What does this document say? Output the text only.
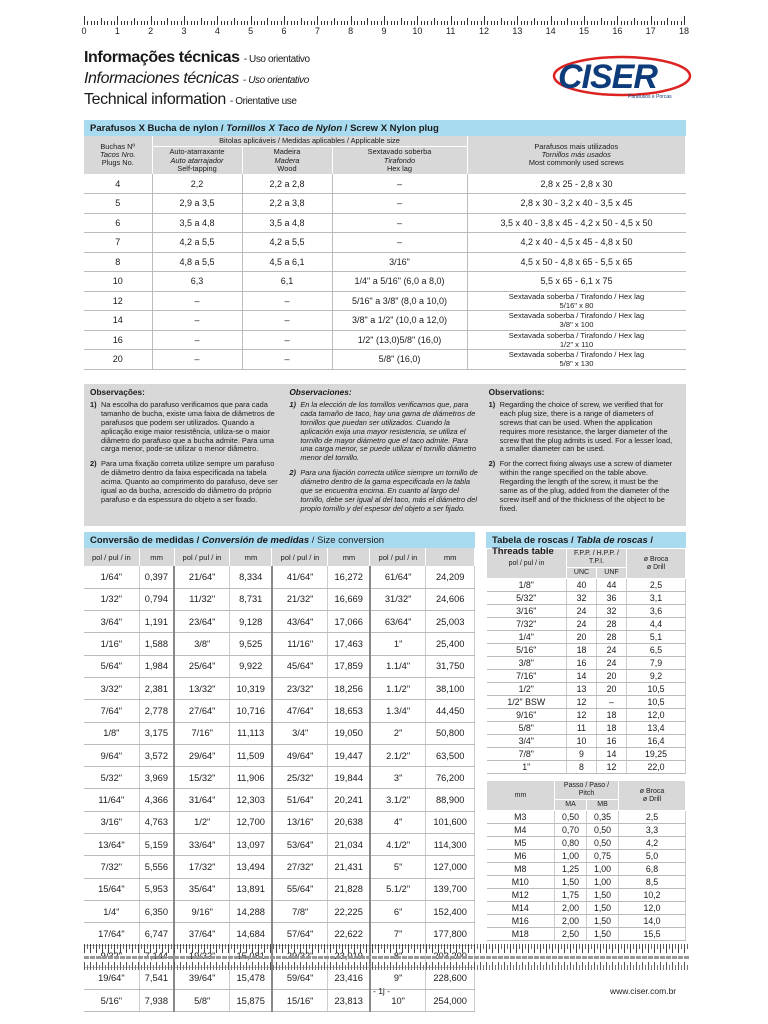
0	1	2	3	4	5	6	7	8	9	10	11	12	13	14	15	16	17	18
Informações técnicas - Uso orientativo
Informaciones técnicas - Uso orientativo
Technical information - Orientative use
CISER
Parafusos e Porcas
Parafusos X Bucha de nylon / Tornillos X Taco de Nylon / Screw X Nylon plug
Buchas Nº
Tacos Nro.
Plugs No.	Bitolas aplicáveis / Medidas aplicables / Applicable size			Parafusos mais utilizados
Tornillos más usados
Most commonly used screws
	Auto-atarraxante
Auto atarrajador
Self-tapping	Madeira
Madera
Wood	Sextavado soberba
Tirafondo
Hex lag	
4	2,2	2,2 a 2,8	–	2,8 x 25 - 2,8 x 30
5	2,9 a 3,5	2,2 a 3,8	–	2,8 x 30 - 3,2 x 40 - 3,5 x 45
6	3,5 a 4,8	3,5 a 4,8	–	3,5 x 40 - 3,8 x 45 - 4,2 x 50 - 4,5 x 50
7	4,2 a 5,5	4,2 a 5,5	–	4,2 x 40 - 4,5 x 45 - 4,8 x 50
8	4,8 a 5,5	4,5 a 6,1	3/16"	4,5 x 50 - 4,8 x 65 - 5,5 x 65
10	6,3	6,1	1/4" a 5/16" (6,0 a 8,0)	5,5 x 65 - 6,1 x 75
12	–	–	5/16" a 3/8" (8,0 a 10,0)	Sextavada soberba / Tirafondo / Hex lag
5/16" x 80

14	–	–	3/8" a 1/2" (10,0 a 12,0)	Sextavada soberba / Tirafondo / Hex lag
3/8" x 100

16	–	–	1/2" (13,0)5/8" (16,0)	Sextavada soberba / Tirafondo / Hex lag
1/2" x 110

20	–	–	5/8" (16,0)	Sextavada soberba / Tirafondo / Hex lag
5/8" x 130
Observações:
1) Na escolha do parafuso verificamos que para cada tamanho de bucha, existe uma faixa de diâmetros de parafusos que podem ser utilizados. Quando a aplicação exige maior resistência, utiliza-se o maior diâmetro do parafuso que a bucha admite. Para uma carga menor, pode-se utilizar o menor diâmetro.
2) Para uma fixação correta utilize sempre um parafuso de diâmetro dentro da faixa especificada na tabela acima. Quanto ao comprimento do parafuso, deve ser igual ao da bucha, acrescido do diâmetro do próprio parafuso e da espessura do objeto a ser fixado.
Observaciones:
1) En la elección de los tornillos verificamos que, para cada tamaño de taco, hay una gama de diámetros de tornillos que puedan ser utilizados. Cuando la aplicación exija una mayor resistencia, se utiliza el tornillo de mayor diámetro que el taco admite. Para una carga menor, se puede utilizar el tornillo diámetro menor del tornillo.
2) Para una fijación correcta utilice siempre un tornillo de diámetro dentro de la gama especificada en la tabla que se encuentra encima. En cuanto al largo del tornillo, debe ser igual al del taco, más el diámetro del propio tornillo y del espesor del objeto a ser fijado.
Observations:
1) Regarding the choice of screw, we verified that for each plug size, there is a range of diameters of screws that can be used. When the application requires more resistance, the larger diameter of the screw that the plug admits is used. For a lesser load, a smaller diameter can be used.
2) For the correct fixing always use a screw of diameter within the range specified on the table above. Regarding the length of the screw, it must be the same as of the plug, added from the diameter of the screw itself and of the thickness of the object to be fixed.
Conversão de medidas / Conversión de medidas / Size conversion
pol / pul / in	mm	pol / pul / in	mm	pol / pul / in	mm	pol / pul / in	mm
1/64"	0,397	21/64"	8,334	41/64"	16,272	61/64"	24,209
1/32"	0,794	11/32"	8,731	21/32"	16,669	31/32"	24,606
3/64"	1,191	23/64"	9,128	43/64"	17,066	63/64"	25,003
1/16"	1,588	3/8"	9,525	11/16"	17,463	1"	25,400
5/64"	1,984	25/64"	9,922	45/64"	17,859	1.1/4"	31,750
3/32"	2,381	13/32"	10,319	23/32"	18,256	1.1/2"	38,100
7/64"	2,778	27/64"	10,716	47/64"	18,653	1.3/4"	44,450
1/8"	3,175	7/16"	11,113	3/4"	19,050	2"	50,800
9/64"	3,572	29/64"	11,509	49/64"	19,447	2.1/2"	63,500
5/32"	3,969	15/32"	11,906	25/32"	19,844	3"	76,200
11/64"	4,366	31/64"	12,303	51/64"	20,241	3.1/2"	88,900
3/16"	4,763	1/2"	12,700	13/16"	20,638	4"	101,600
13/64"	5,159	33/64"	13,097	53/64"	21,034	4.1/2"	114,300
7/32"	5,556	17/32"	13,494	27/32"	21,431	5"	127,000
15/64"	5,953	35/64"	13,891	55/64"	21,828	5.1/2"	139,700
1/4"	6,350	9/16"	14,288	7/8"	22,225	6"	152,400
17/64"	6,747	37/64"	14,684	57/64"	22,622	7"	177,800

19/64"	7,541	39/64"	15,478	59/64"	23,416	9"	228,600
5/16"	7,938	5/8"	15,875	15/16"	23,813	10"	254,000
Tabela de roscas / Tabla de roscas / Threads table
pol / pul / in	F.P.P. / H.P.P. / T.P.I.		ø Broca
ø Drill
	UNC	UNF	
1/8"	40	44	2,5
5/32"	32	36	3,1
3/16"	24	32	3,6
7/32"	24	28	4,4
1/4"	20	28	5,1
5/16"	18	24	6,5
3/8"	16	24	7,9
7/16"	14	20	9,2
1/2"	13	20	10,5
1/2" BSW	12	–	10,5
9/16"	12	18	12,0
5/8"	11	18	13,4
3/4"	10	16	16,4
7/8"	9	14	19,25
1"	8	12	22,0
mm	Passo / Paso / Pitch		ø Broca
ø Drill
	MA	MB	
M3	0,50	0,35	2,5
M4	0,70	0,50	3,3
M5	0,80	0,50	4,2
M6	1,00	0,75	5,0
M8	1,25	1,00	6,8
M10	1,50	1,00	8,5
M12	1,75	1,50	10,2
M14	2,00	1,50	12,0
M16	2,00	1,50	14,0
M18	2,50	1,50	15,5
- 1j -	www.ciser.com.br
